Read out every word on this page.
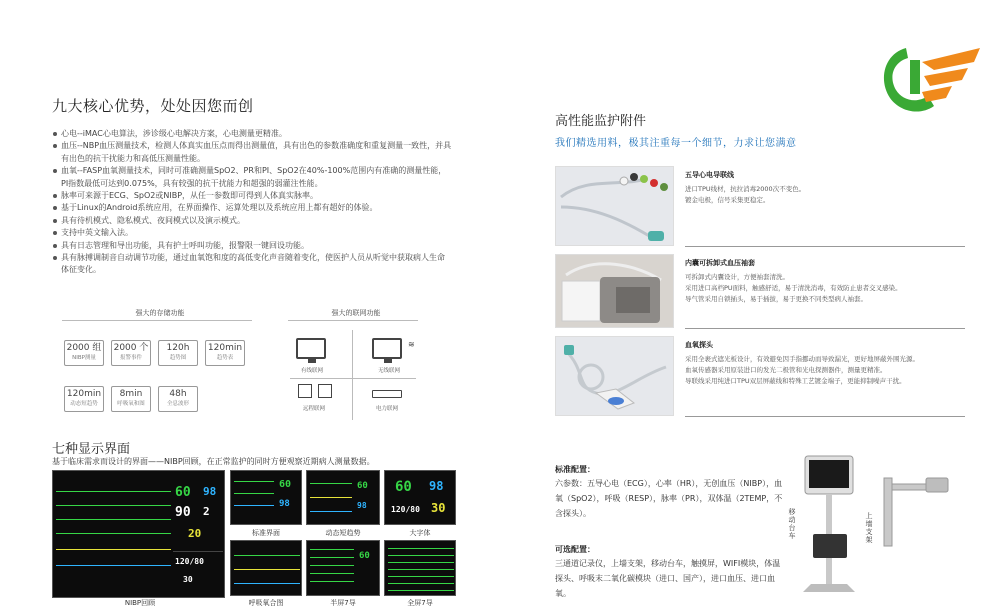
九大核心优势，处处因您而创
心电--iMAC心电算法，涉诊级心电解决方案，心电测量更精准。
血压--NBP血压测量技术，检测人体真实血压点而得出测量值，具有出色的参数准确度和重复测量一致性，并具有出色的抗干扰能力和高低压测量性能。
血氧--FASP血氧测量技术，同时可准确测量SpO2、PR和PI、SpO2在40%-100%范围内有准确的测量性能，PI指数最低可达到0.075%，具有较强的抗干扰能力和超强的弱灌注性能。
脉率可来源于ECG、SpO2或NIBP，从任一参数即可得到人体真实脉率。
基于Linux的Android系统应用，在界面操作、运算处理以及系统应用上都有超好的体验。
具有待机模式、隐私模式、夜间模式以及演示模式。
支持中英文输入法。
具有日志管理和导出功能，具有护士呼叫功能，报警限一键回设功能。
具有脉搏调制音自动调节功能，通过血氧饱和度的高低变化声音随着变化，使医护人员从听觉中获取病人生命体征变化。
强大的存储功能
2000 组
NIBP测量
2000 个
报警事件
120h
趋势图
120min
趋势表
120min
动态短趋势
8min
呼吸氧和图
48h
全息波形
强大的联网功能
有线联网
≋
无线联网
远程联网	电力联网
七种显示界面
基于临床需求而设计的界面——NIBP回顾，在正常监护的同时方便观察近期病人测量数据。
60 98
90 2
20
120/80
30
NIBP回顾
60
98
标准界面
60
98
动态短趋势
60 98
120/80 30
大字体
呼吸氧合图
60
半屏7导	全屏7导
高性能监护附件
我们精选用料，极其注重每一个细节，力求让您满意
五导心电导联线
进口TPU线材，抗拉消毒2000次不变色。
镀金电极，信号采集更稳定。
内囊可拆卸式血压袖套
可拆卸式内囊设计，方便袖套清洗。
采用进口高档PU面料，触感舒适，易于清洗消毒，有效防止患者交叉感染。
导气管采用自锁插头，易于插拔，易于更换不同类型病人袖套。
血氧探头
采用全裹式遮光板设计，有效避免因手指挪动而导致漏光，更好地屏蔽外围光源。
血氧传感器采用原装进口的发光二极管和光电探测器件，测量更精准。
导联线采用纯进口TPU双层屏蔽线和特殊工艺镀金端子，更能抑制噪声干扰。
标准配置：
六参数：五导心电（ECG），心率（HR），无创血压（NIBP），血氧（SpO2），呼吸（RESP），脉率（PR），双体温（2TEMP，不含探头）。
可选配置：
三通道记录仪，上墙支架，移动台车，触摸屏，WIFI模块，体温探头、呼吸末二氧化碳模块（进口、国产），进口血压、进口血氧。
移动台车	上墙支架
